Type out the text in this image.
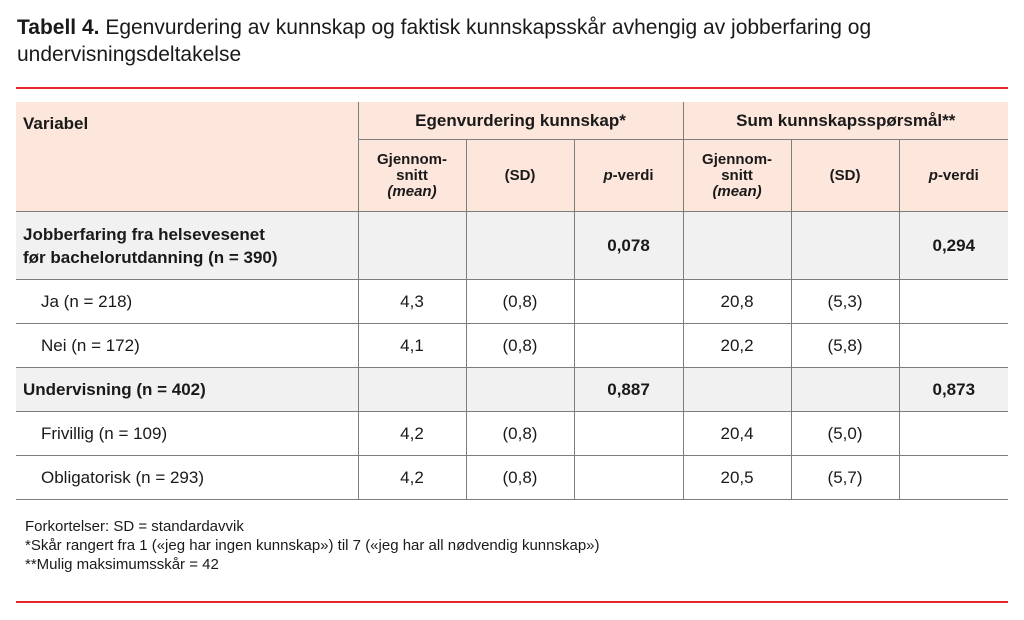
Tabell 4. Egenvurdering av kunnskap og faktisk kunnskapsskår avhengig av jobberfaring og undervisningsdeltakelse
Variabel	Egenvurdering kunnskap*			Sum kunnskapsspørsmål**		
	Gjennom-
snitt
(mean)	(SD)	p-verdi	Gjennom-
snitt
(mean)	(SD)	p-verdi
Jobberfaring fra helsevesenet
før bachelorutdanning (n = 390)			0,078			0,294
Ja (n = 218)	4,3	(0,8)		20,8	(5,3)	
Nei (n = 172)	4,1	(0,8)		20,2	(5,8)	
Undervisning (n = 402)			0,887			0,873
Frivillig (n = 109)	4,2	(0,8)		20,4	(5,0)	
Obligatorisk (n = 293)	4,2	(0,8)		20,5	(5,7)	
Forkortelser: SD = standardavvik
*Skår rangert fra 1 («jeg har ingen kunnskap») til 7 («jeg har all nødvendig kunnskap»)
**Mulig maksimumsskår = 42
